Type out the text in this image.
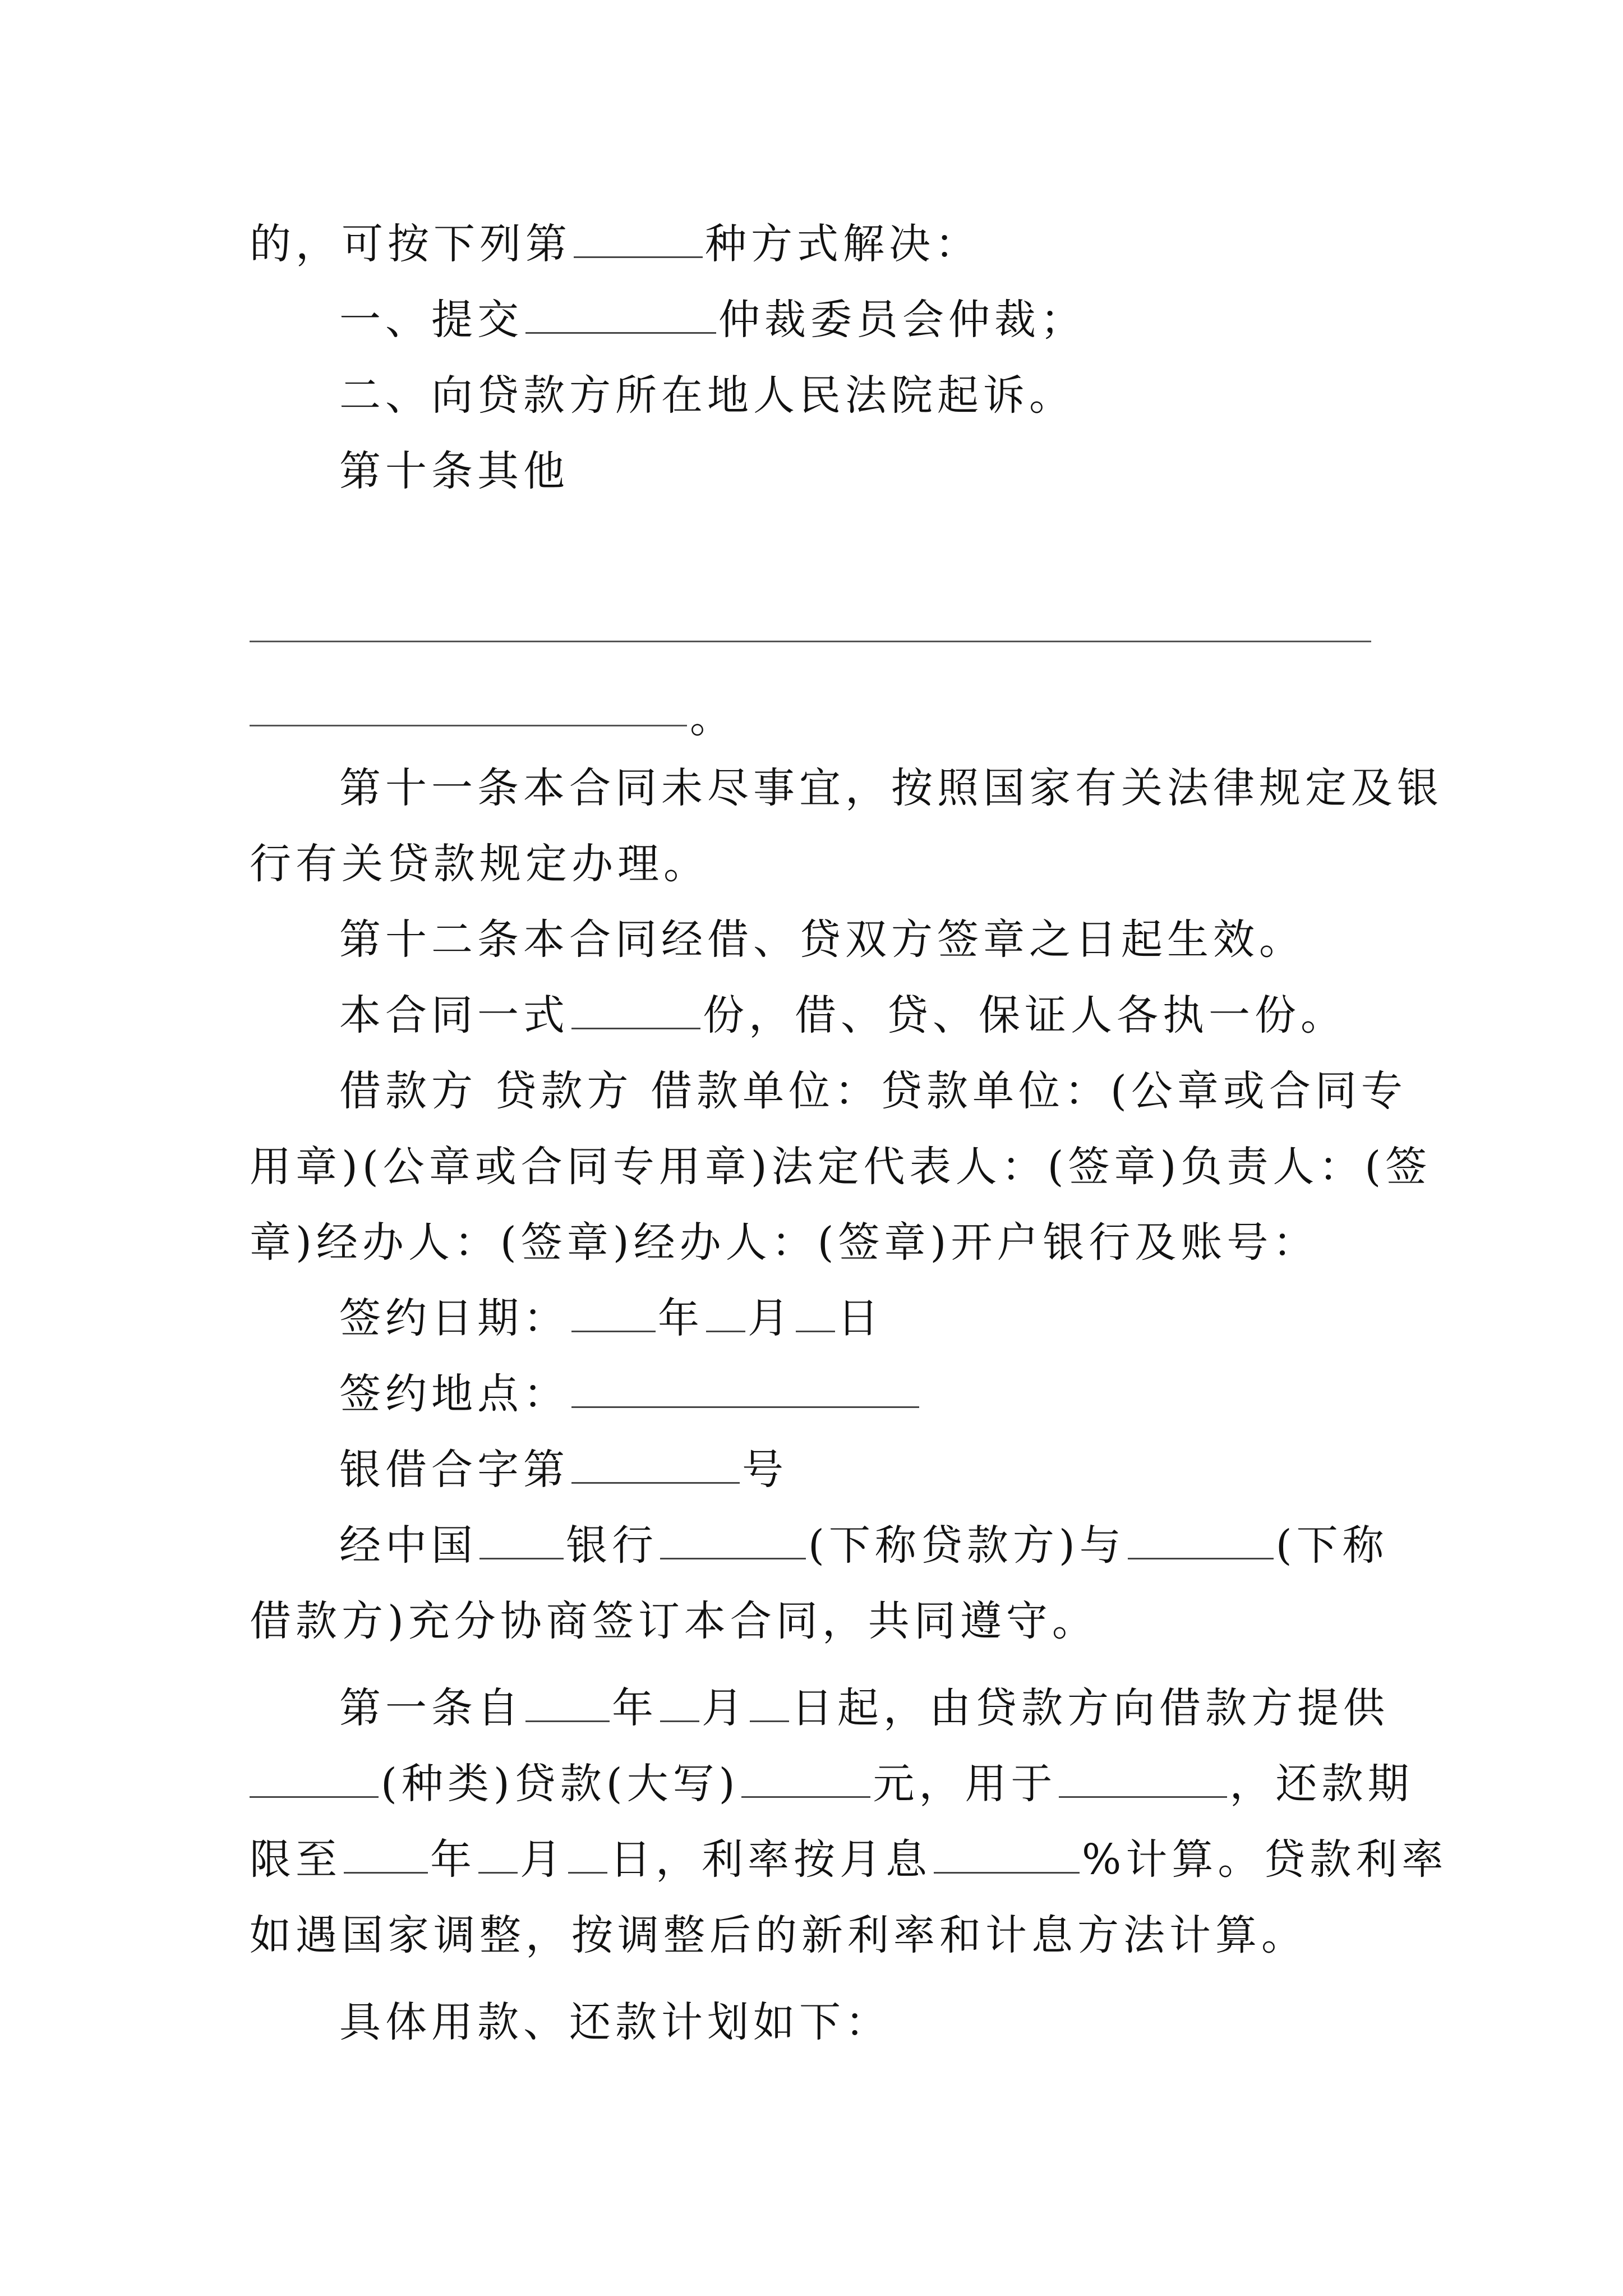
的，可按下列第	种方式解决：
一、提交	仲裁委员会仲裁；
二、向贷款方所在地人民法院起诉。
第十条其他
。
第十一条本合同未尽事宜，按照国家有关法律规定及银
行有关贷款规定办理。
第十二条本合同经借、贷双方签章之日起生效。
本合同一式	份，借、贷、保证人各执一份。
借款方 贷款方 借款单位：贷款单位：(公章或合同专
用章)(公章或合同专用章)法定代表人：(签章)负责人：(签
章)经办人：(签章)经办人：(签章)开户银行及账号：
签约日期： 年 月 日
签约地点：
银借合字第	号
经中国 银行	(下称贷款方)与	(下称
借款方)充分协商签订本合同，共同遵守。
第一条自 年 月 日起，由贷款方向借款方提供
(种类)贷款(大写)	元，用于	，还款期
限至 年 月 日，利率按月息	%计算。贷款利率
如遇国家调整，按调整后的新利率和计息方法计算。
具体用款、还款计划如下：
